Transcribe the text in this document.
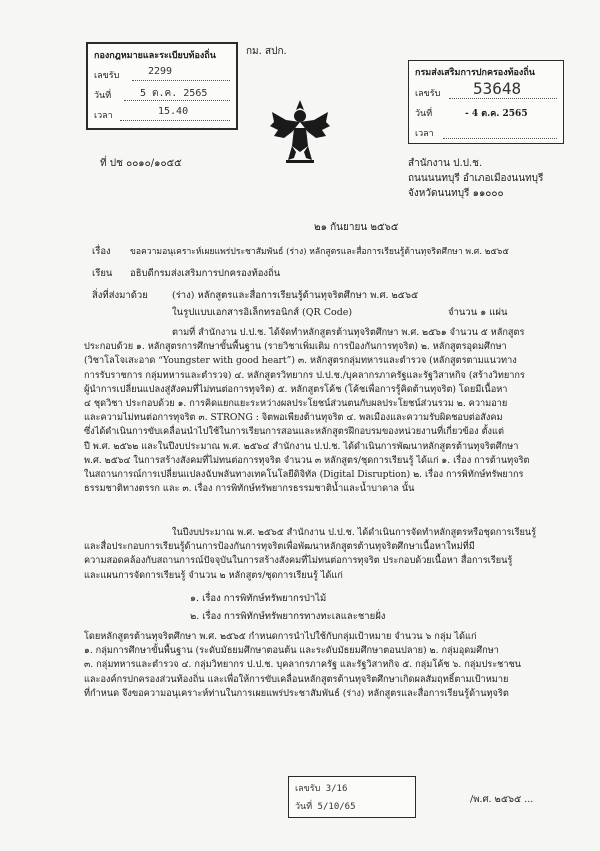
กองกฎหมายและระเบียบท้องถิ่น
เลขรับ	2299
วันที่	5 ต.ค. 2565
เวลา	15.40
กม. สปก.
กรมส่งเสริมการปกครองท้องถิ่น
เลขรับ 53648
วันที่	- 4 ต.ค. 2565
เวลา
ที่ ปช ๐๐๑๐/๑๐๕๕	สำนักงาน ป.ป.ช.
ถนนนนทบุรี อำเภอเมืองนนทบุรี
จังหวัดนนทบุรี ๑๑๐๐๐
๒๑ กันยายน ๒๕๖๕
เรื่อง ขอความอนุเคราะห์เผยแพร่ประชาสัมพันธ์ (ร่าง) หลักสูตรและสื่อการเรียนรู้ด้านทุจริตศึกษา พ.ศ. ๒๕๖๕
เรียน อธิบดีกรมส่งเสริมการปกครองท้องถิ่น
สิ่งที่ส่งมาด้วย	(ร่าง) หลักสูตรและสื่อการเรียนรู้ด้านทุจริตศึกษา พ.ศ. ๒๕๖๕
ในรูปแบบเอกสารอิเล็กทรอนิกส์ (QR Code)	จำนวน ๑ แผ่น
ตามที่ สำนักงาน ป.ป.ช. ได้จัดทำหลักสูตรต้านทุจริตศึกษา พ.ศ. ๒๕๖๑ จำนวน ๕ หลักสูตร
ประกอบด้วย ๑. หลักสูตรการศึกษาขั้นพื้นฐาน (รายวิชาเพิ่มเติม การป้องกันการทุจริต) ๒. หลักสูตรอุดมศึกษา
(วิชาโลโจเสะอาด “Youngster with good heart”) ๓. หลักสูตรกลุ่มทหารและตำรวจ (หลักสูตรตามแนวทาง
การรับราชการ กลุ่มทหารและตำรวจ) ๔. หลักสูตรวิทยากร ป.ป.ช./บุคลากรภาครัฐและรัฐวิสาหกิจ (สร้างวิทยากร
ผู้นำการเปลี่ยนแปลงสู่สังคมที่ไม่ทนต่อการทุจริต) ๕. หลักสูตรโค้ช (โค้ชเพื่อการรู้คิดต้านทุจริต) โดยมีเนื้อหา
๔ ชุดวิชา ประกอบด้วย ๑. การคิดแยกแยะระหว่างผลประโยชน์ส่วนตนกับผลประโยชน์ส่วนรวม ๒. ความอาย
และความไม่ทนต่อการทุจริต ๓. STRONG : จิตพอเพียงต้านทุจริต ๔. พลเมืองและความรับผิดชอบต่อสังคม
ซึ่งได้ดำเนินการขับเคลื่อนนำไปใช้ในการเรียนการสอนและหลักสูตรฝึกอบรมของหน่วยงานที่เกี่ยวข้อง ตั้งแต่
ปี พ.ศ. ๒๕๖๒ และในปีงบประมาณ พ.ศ. ๒๕๖๔ สำนักงาน ป.ป.ช. ได้ดำเนินการพัฒนาหลักสูตรต้านทุจริตศึกษา
พ.ศ. ๒๕๖๔ ในการสร้างสังคมที่ไม่ทนต่อการทุจริต จำนวน ๓ หลักสูตร/ชุดการเรียนรู้ ได้แก่ ๑. เรื่อง การต้านทุจริต
ในสถานการณ์การเปลี่ยนแปลงฉับพลันทางเทคโนโลยีดิจิทัล (Digital Disruption) ๒. เรื่อง การพิทักษ์ทรัพยากร
ธรรมชาติทางตรรก และ ๓. เรื่อง การพิทักษ์ทรัพยากรธรรมชาติน้ำและน้ำบาดาล นั้น
ในปีงบประมาณ พ.ศ. ๒๕๖๕ สำนักงาน ป.ป.ช. ได้ดำเนินการจัดทำหลักสูตรหรือชุดการเรียนรู้
และสื่อประกอบการเรียนรู้ด้านการป้องกันการทุจริตเพื่อพัฒนาหลักสูตรต้านทุจริตศึกษาเนื้อหาใหม่ที่มี
ความสอดคล้องกับสถานการณ์ปัจจุบันในการสร้างสังคมที่ไม่ทนต่อการทุจริต ประกอบด้วยเนื้อหา สื่อการเรียนรู้
และแผนการจัดการเรียนรู้ จำนวน ๒ หลักสูตร/ชุดการเรียนรู้ ได้แก่
๑. เรื่อง การพิทักษ์ทรัพยากรป่าไม้
๒. เรื่อง การพิทักษ์ทรัพยากรทางทะเลและชายฝั่ง
โดยหลักสูตรต้านทุจริตศึกษา พ.ศ. ๒๕๖๕ กำหนดการนำไปใช้กับกลุ่มเป้าหมาย จำนวน ๖ กลุ่ม ได้แก่
๑. กลุ่มการศึกษาขั้นพื้นฐาน (ระดับมัธยมศึกษาตอนต้น และระดับมัธยมศึกษาตอนปลาย) ๒. กลุ่มอุดมศึกษา
๓. กลุ่มทหารและตำรวจ ๔. กลุ่มวิทยากร ป.ป.ช. บุคลากรภาครัฐ และรัฐวิสาหกิจ ๕. กลุ่มโค้ช ๖. กลุ่มประชาชน
และองค์กรปกครองส่วนท้องถิ่น และเพื่อให้การขับเคลื่อนหลักสูตรต้านทุจริตศึกษาเกิดผลสัมฤทธิ์ตามเป้าหมาย
ที่กำหนด จึงขอความอนุเคราะห์ท่านในการเผยแพร่ประชาสัมพันธ์ (ร่าง) หลักสูตรและสื่อการเรียนรู้ด้านทุจริต
เลขรับ 3/16
วันที่ 5/10/65
/พ.ศ. ๒๕๖๕ ...
